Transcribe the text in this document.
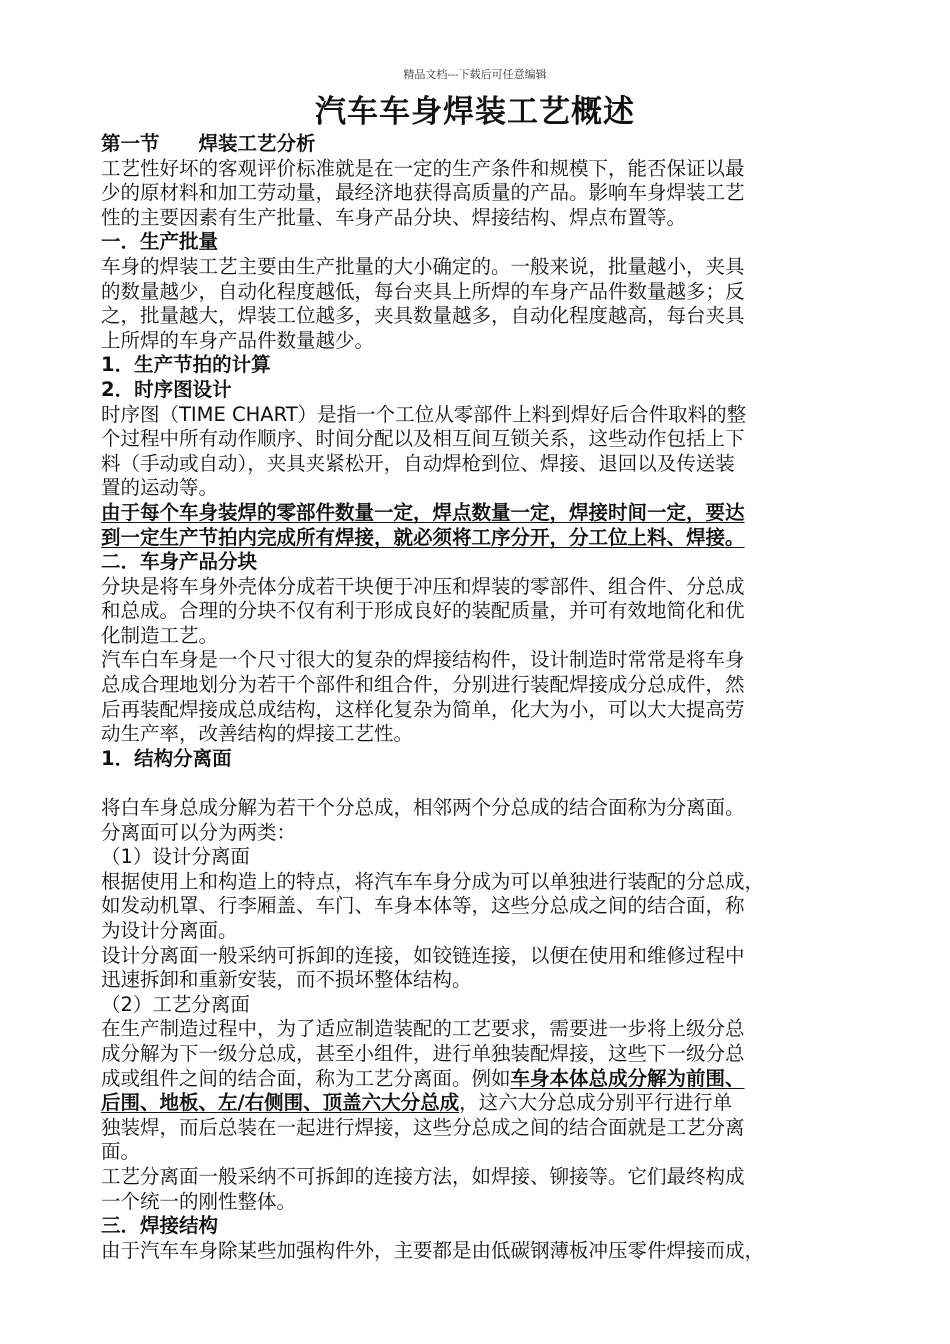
精品文档---下载后可任意编辑
汽车车身焊装工艺概述
第一节　　焊装工艺分析
工艺性好坏的客观评价标准就是在一定的生产条件和规模下，能否保证以最
少的原材料和加工劳动量，最经济地获得高质量的产品。影响车身焊装工艺
性的主要因素有生产批量、车身产品分块、焊接结构、焊点布置等。
一．生产批量
车身的焊装工艺主要由生产批量的大小确定的。一般来说，批量越小，夹具
的数量越少，自动化程度越低，每台夹具上所焊的车身产品件数量越多；反
之，批量越大，焊装工位越多，夹具数量越多，自动化程度越高，每台夹具
上所焊的车身产品件数量越少。
1．生产节拍的计算
2．时序图设计
时序图（TIME CHART）是指一个工位从零部件上料到焊好后合件取料的整
个过程中所有动作顺序、时间分配以及相互间互锁关系，这些动作包括上下
料（手动或自动），夹具夹紧松开，自动焊枪到位、焊接、退回以及传送装
置的运动等。
由于每个车身装焊的零部件数量一定，焊点数量一定，焊接时间一定，要达
到一定生产节拍内完成所有焊接，就必须将工序分开，分工位上料、焊接。
二．车身产品分块
分块是将车身外壳体分成若干块便于冲压和焊装的零部件、组合件、分总成
和总成。合理的分块不仅有利于形成良好的装配质量，并可有效地简化和优
化制造工艺。
汽车白车身是一个尺寸很大的复杂的焊接结构件，设计制造时常常是将车身
总成合理地划分为若干个部件和组合件，分别进行装配焊接成分总成件，然
后再装配焊接成总成结构，这样化复杂为简单，化大为小，可以大大提高劳
动生产率，改善结构的焊接工艺性。
1．结构分离面
将白车身总成分解为若干个分总成，相邻两个分总成的结合面称为分离面。
分离面可以分为两类：
（1）设计分离面
根据使用上和构造上的特点，将汽车车身分成为可以单独进行装配的分总成，
如发动机罩、行李厢盖、车门、车身本体等，这些分总成之间的结合面，称
为设计分离面。
设计分离面一般采纳可拆卸的连接，如铰链连接，以便在使用和维修过程中
迅速拆卸和重新安装，而不损坏整体结构。
（2）工艺分离面
在生产制造过程中，为了适应制造装配的工艺要求，需要进一步将上级分总
成分解为下一级分总成，甚至小组件，进行单独装配焊接，这些下一级分总
成或组件之间的结合面，称为工艺分离面。例如车身本体总成分解为前围、
后围、地板、左/右侧围、顶盖六大分总成，这六大分总成分别平行进行单
独装焊，而后总装在一起进行焊接，这些分总成之间的结合面就是工艺分离
面。
工艺分离面一般采纳不可拆卸的连接方法，如焊接、铆接等。它们最终构成
一个统一的刚性整体。
三．焊接结构
由于汽车车身除某些加强构件外，主要都是由低碳钢薄板冲压零件焊接而成，
